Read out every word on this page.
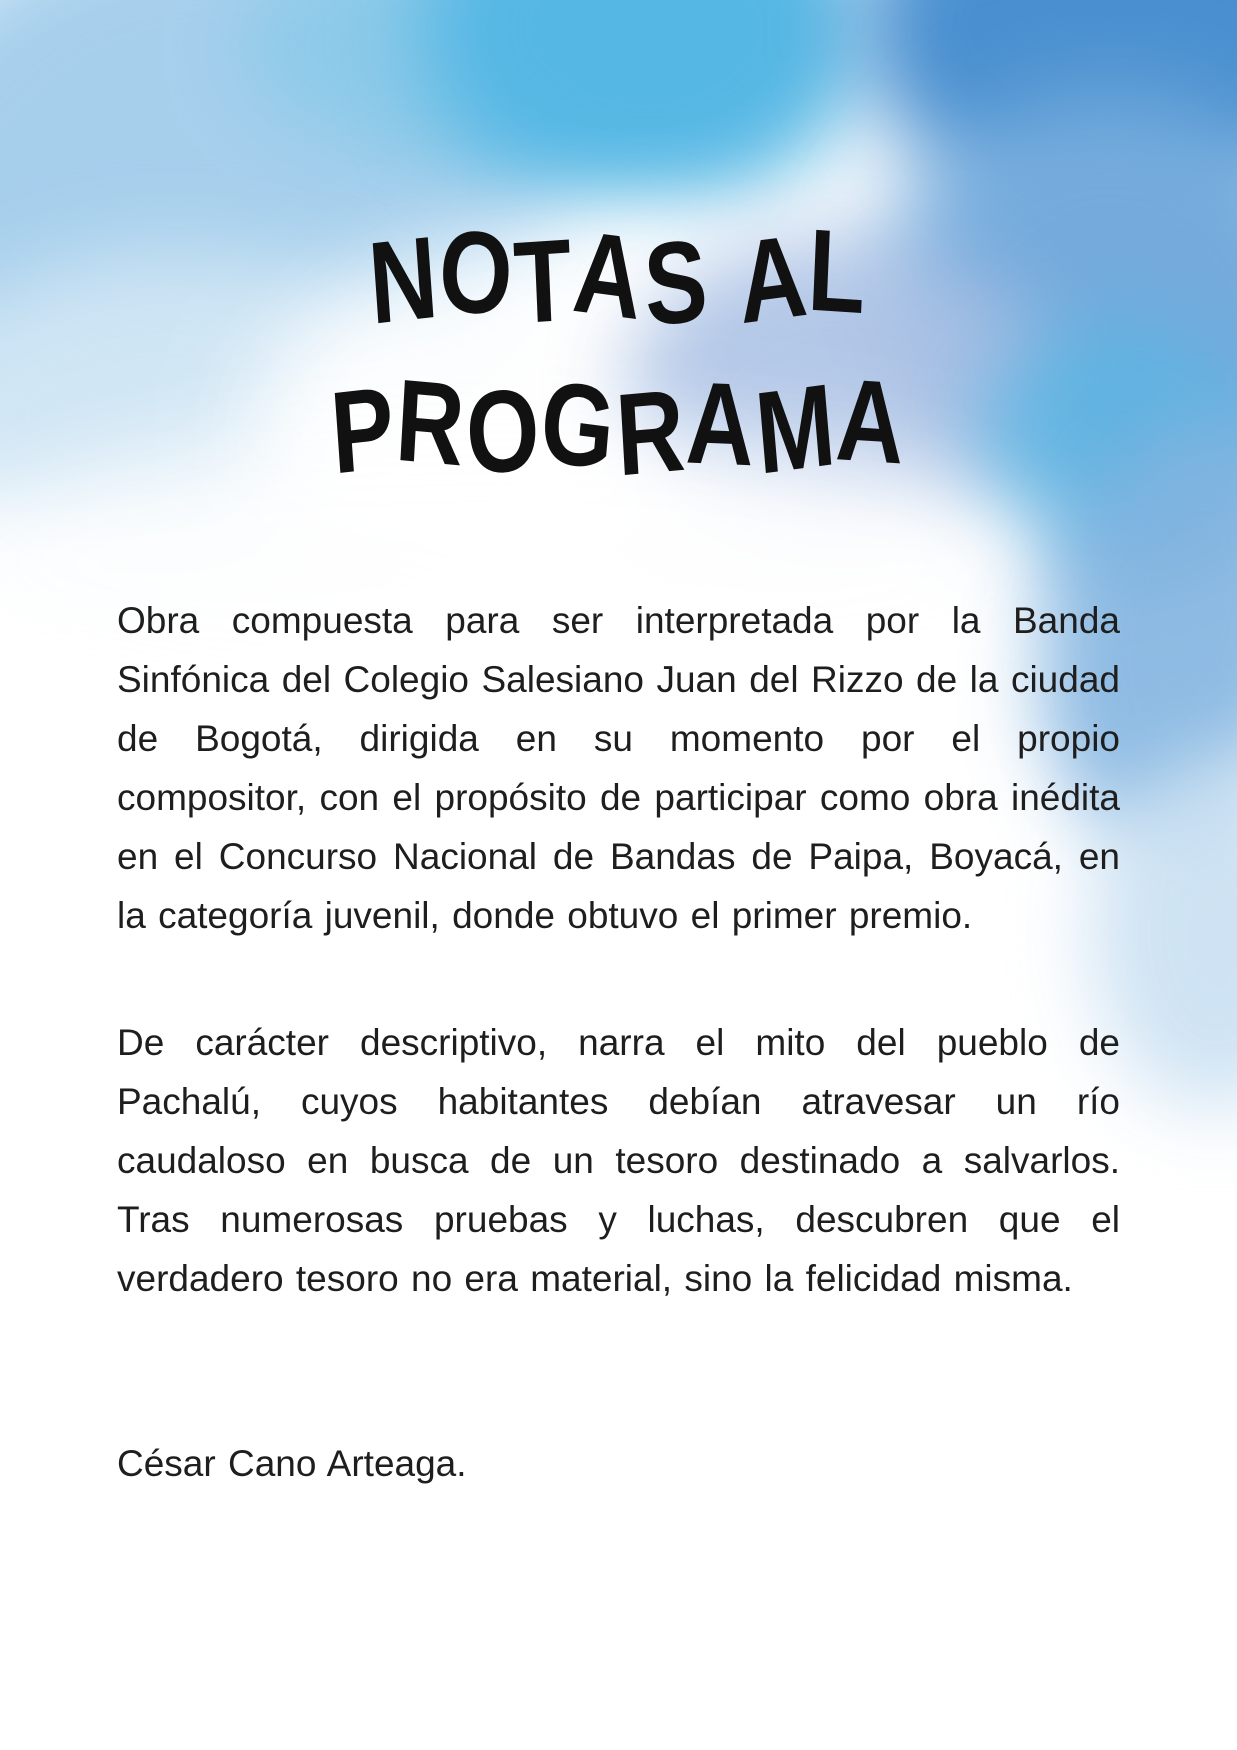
NOTAS AL
PROGRAMA

Obra compuesta para ser interpretada por la Banda Sinfónica del Colegio Salesiano Juan del Rizzo de la ciudad de Bogotá, dirigida en su momento por el propio compositor, con el propósito de participar como obra inédita en el Concurso Nacional de Bandas de Paipa, Boyacá, en la categoría juvenil, donde obtuvo el primer premio.

De carácter descriptivo, narra el mito del pueblo de Pachalú, cuyos habitantes debían atravesar un río caudaloso en busca de un tesoro destinado a salvarlos. Tras numerosas pruebas y luchas, descubren que el verdadero tesoro no era material, sino la felicidad misma.

César Cano Arteaga.
